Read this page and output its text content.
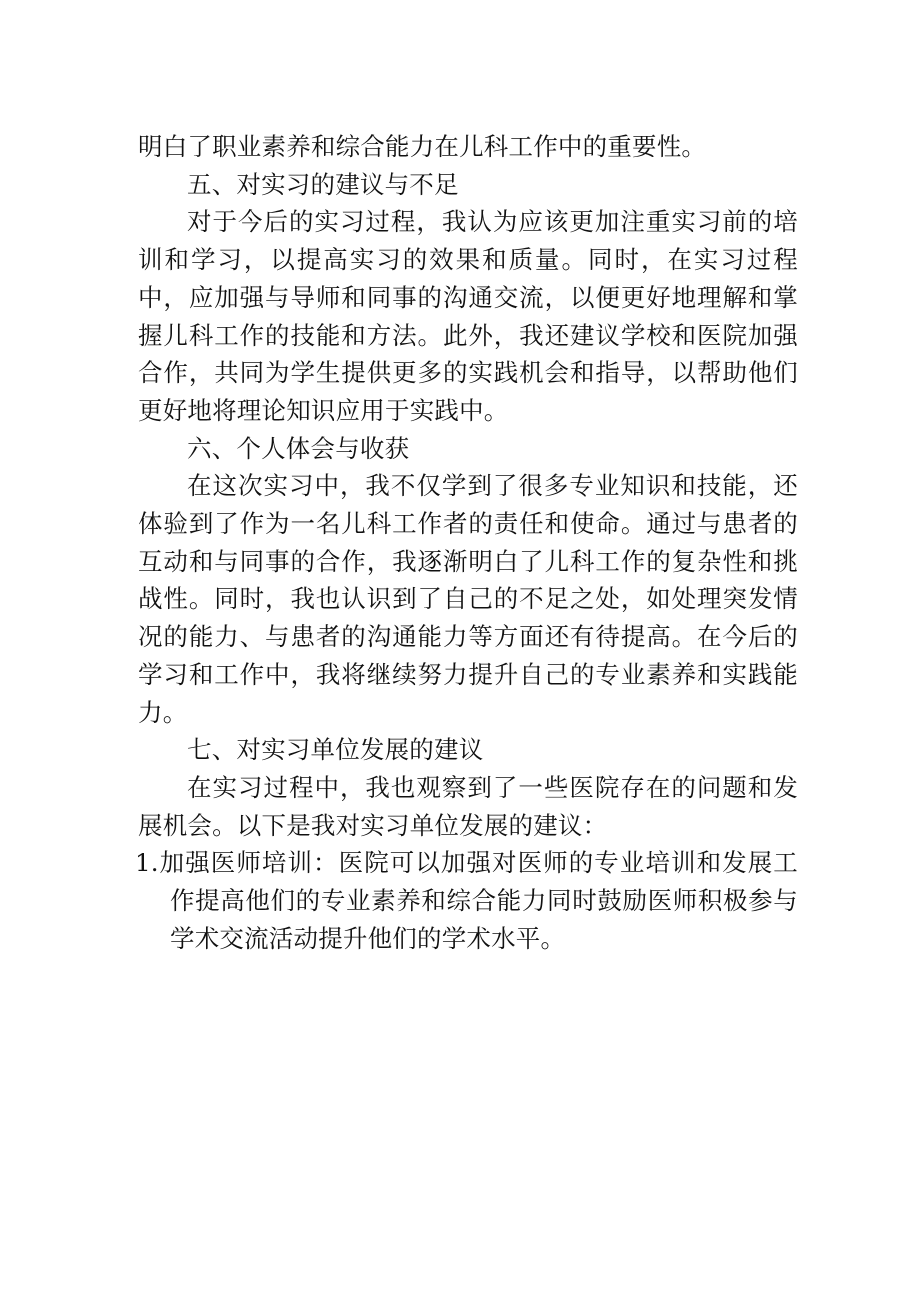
明白了职业素养和综合能力在儿科工作中的重要性。

五、对实习的建议与不足

对于今后的实习过程，我认为应该更加注重实习前的培训和学习，以提高实习的效果和质量。同时，在实习过程中，应加强与导师和同事的沟通交流，以便更好地理解和掌握儿科工作的技能和方法。此外，我还建议学校和医院加强合作，共同为学生提供更多的实践机会和指导，以帮助他们更好地将理论知识应用于实践中。

六、个人体会与收获

在这次实习中，我不仅学到了很多专业知识和技能，还体验到了作为一名儿科工作者的责任和使命。通过与患者的互动和与同事的合作，我逐渐明白了儿科工作的复杂性和挑战性。同时，我也认识到了自己的不足之处，如处理突发情况的能力、与患者的沟通能力等方面还有待提高。在今后的学习和工作中，我将继续努力提升自己的专业素养和实践能力。

七、对实习单位发展的建议

在实习过程中，我也观察到了一些医院存在的问题和发展机会。以下是我对实习单位发展的建议：

1.加强医师培训：医院可以加强对医师的专业培训和发展工作提高他们的专业素养和综合能力同时鼓励医师积极参与学术交流活动提升他们的学术水平。
